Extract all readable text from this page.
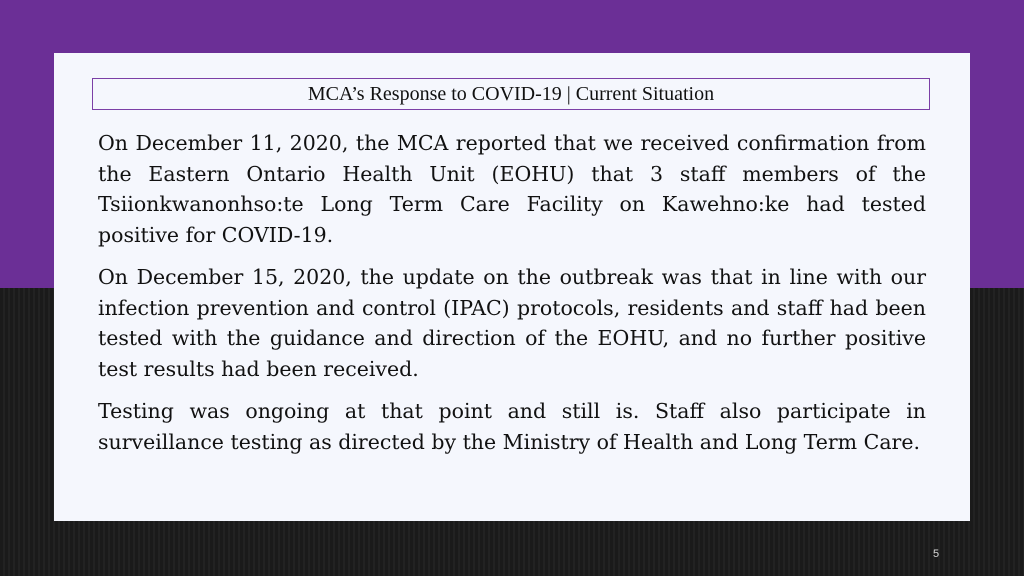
MCA’s Response to COVID-19 | Current Situation

On December 11, 2020, the MCA reported that we received confirmation from the Eastern Ontario Health Unit (EOHU) that 3 staff members of the Tsiionkwanonhso:te Long Term Care Facility on Kawehno:ke had tested positive for COVID-19.

On December 15, 2020, the update on the outbreak was that in line with our infection prevention and control (IPAC) protocols, residents and staff had been tested with the guidance and direction of the EOHU, and no further positive test results had been received.

Testing was ongoing at that point and still is. Staff also participate in surveillance testing as directed by the Ministry of Health and Long Term Care.

5
